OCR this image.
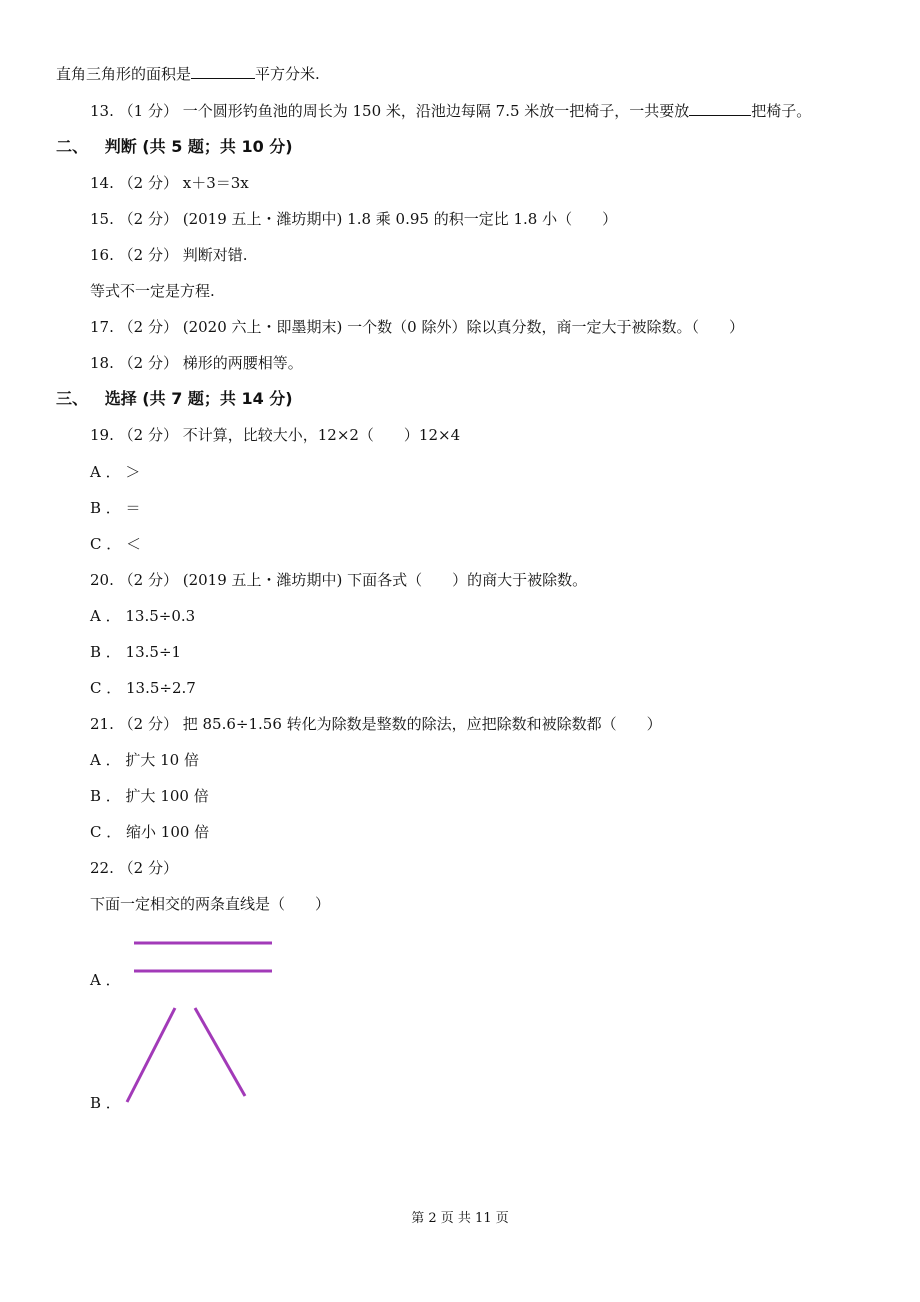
直角三角形的面积是	平方分米.
13. （1 分） 一个圆形钓鱼池的周长为 150 米，沿池边每隔 7.5 米放一把椅子，一共要放	把椅子。
二、 判断 (共 5 题；共 10 分)
14. （2 分） x＋3＝3x
15. （2 分） (2019 五上・潍坊期中) 1.8 乘 0.95 的积一定比 1.8 小（　　）
16. （2 分） 判断对错.
等式不一定是方程.
17. （2 分） (2020 六上・即墨期末) 一个数（0 除外）除以真分数，商一定大于被除数。（　　）
18. （2 分） 梯形的两腰相等。
三、 选择 (共 7 题；共 14 分)
19. （2 分） 不计算，比较大小，12×2（　　）12×4
A ． ＞
B ． ＝
C ． ＜
20. （2 分） (2019 五上・潍坊期中) 下面各式（　　）的商大于被除数。
A ． 13.5÷0.3
B ． 13.5÷1
C ． 13.5÷2.7
21. （2 分） 把 85.6÷1.56 转化为除数是整数的除法，应把除数和被除数都（　　）
A ． 扩大 10 倍
B ． 扩大 100 倍
C ． 缩小 100 倍
22. （2 分）
下面一定相交的两条直线是（　　）
A ．
B ．
第 2 页 共 11 页
